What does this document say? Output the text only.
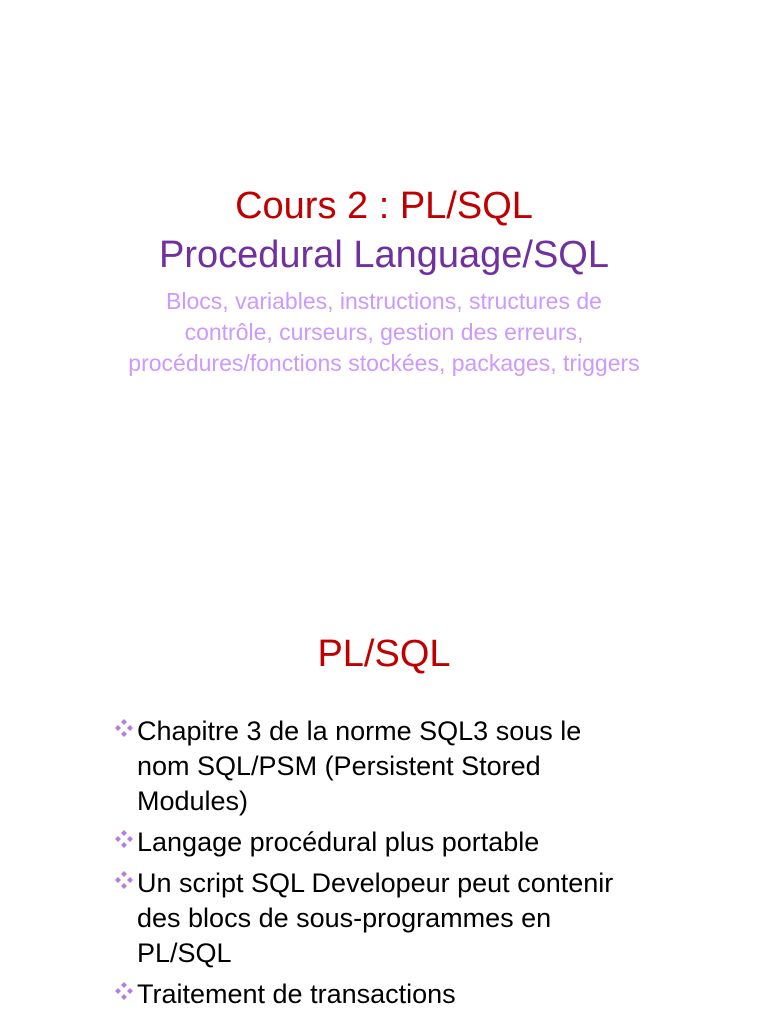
Cours 2 : PL/SQL
Procedural Language/SQL
Blocs, variables, instructions, structures de contrôle, curseurs, gestion des erreurs, procédures/fonctions stockées, packages, triggers
PL/SQL
Chapitre 3 de la norme SQL3 sous le
nom SQL/PSM (Persistent Stored
Modules)
Langage procédural plus portable
Un script SQL Developeur peut contenir
des blocs de sous-programmes en
PL/SQL
Traitement de transactions
